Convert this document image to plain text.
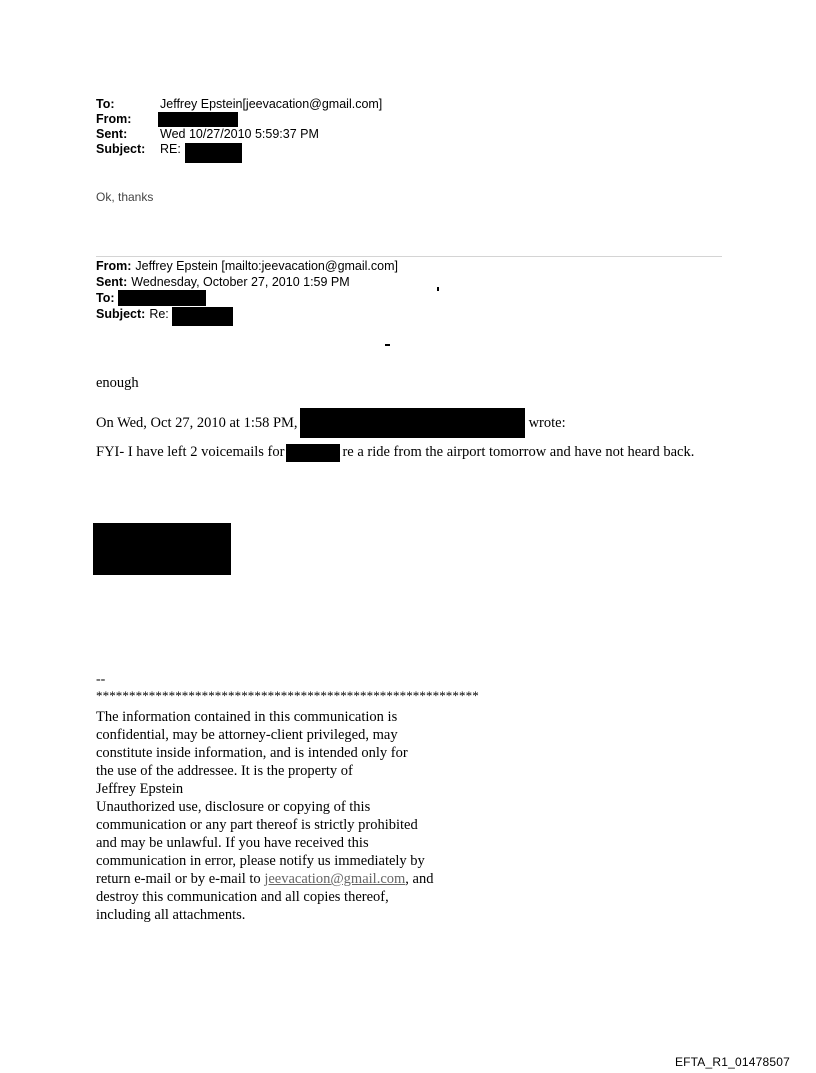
To:	Jeffrey Epstein[jeevacation@gmail.com]
From:
Sent:	Wed 10/27/2010 5:59:37 PM
Subject:	RE:
Ok, thanks
From: Jeffrey Epstein [mailto:jeevacation@gmail.com]
Sent: Wednesday, October 27, 2010 1:59 PM
To:
Subject: Re:
enough
On Wed, Oct 27, 2010 at 1:58 PM,	wrote:
FYI- I have left 2 voicemails for	re a ride from the airport tomorrow and have not heard back.
--
**********************************************************
The information contained in this communication is
confidential, may be attorney-client privileged, may
constitute inside information, and is intended only for
the use of the addressee. It is the property of
Jeffrey Epstein
Unauthorized use, disclosure or copying of this
communication or any part thereof is strictly prohibited
and may be unlawful. If you have received this
communication in error, please notify us immediately by
return e-mail or by e-mail to jeevacation@gmail.com, and
destroy this communication and all copies thereof,
including all attachments.
EFTA_R1_01478507
